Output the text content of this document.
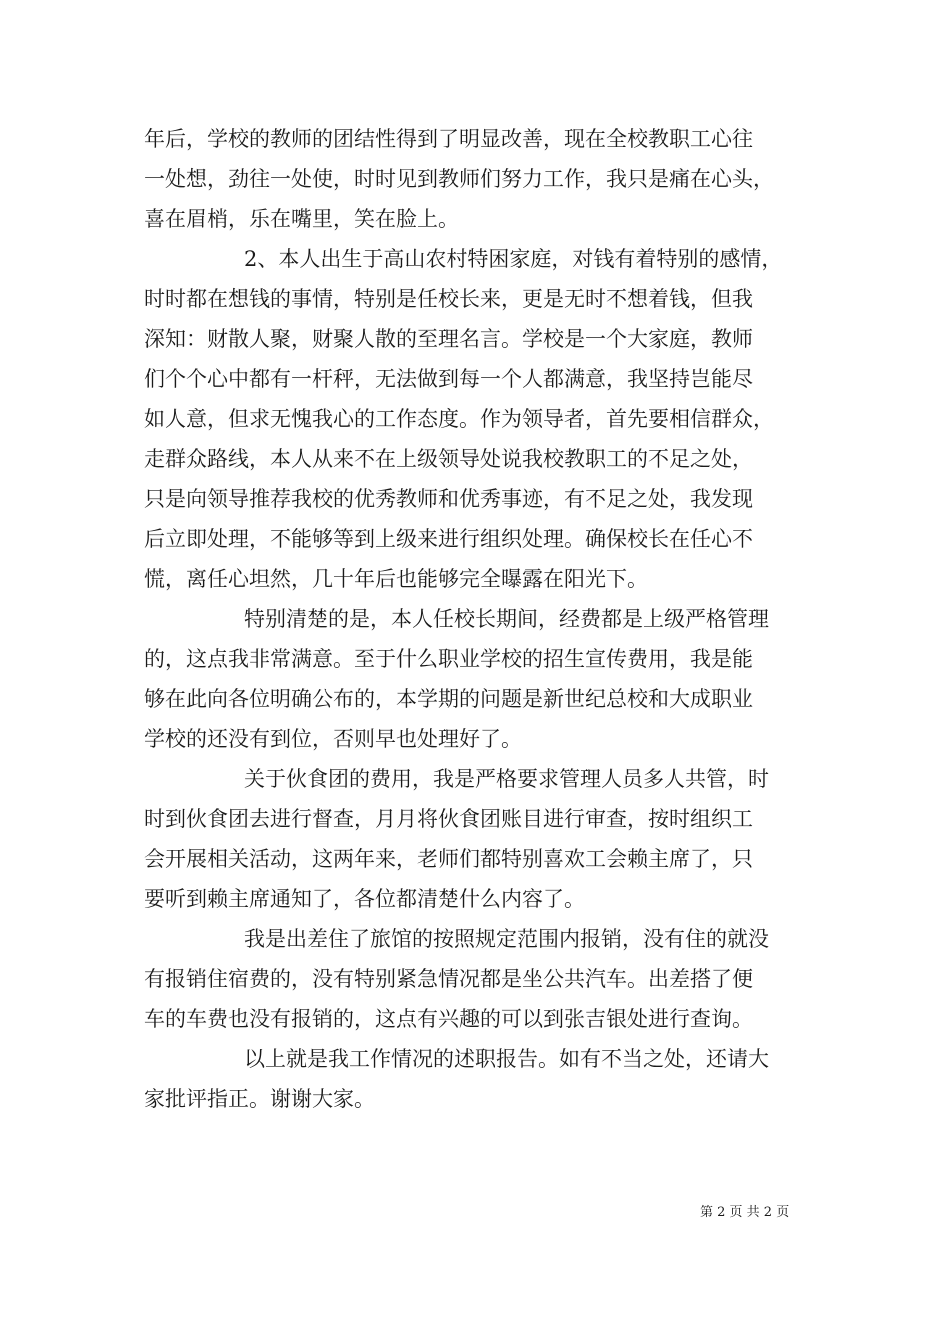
年后，学校的教师的团结性得到了明显改善，现在全校教职工心往
一处想，劲往一处使，时时见到教师们努力工作，我只是痛在心头，
喜在眉梢，乐在嘴里，笑在脸上。
2、本人出生于高山农村特困家庭，对钱有着特别的感情，
时时都在想钱的事情，特别是任校长来，更是无时不想着钱，但我
深知：财散人聚，财聚人散的至理名言。学校是一个大家庭，教师
们个个心中都有一杆秤，无法做到每一个人都满意，我坚持岂能尽
如人意，但求无愧我心的工作态度。作为领导者，首先要相信群众，
走群众路线，本人从来不在上级领导处说我校教职工的不足之处，
只是向领导推荐我校的优秀教师和优秀事迹，有不足之处，我发现
后立即处理，不能够等到上级来进行组织处理。确保校长在任心不
慌，离任心坦然，几十年后也能够完全曝露在阳光下。
特别清楚的是，本人任校长期间，经费都是上级严格管理
的，这点我非常满意。至于什么职业学校的招生宣传费用，我是能
够在此向各位明确公布的，本学期的问题是新世纪总校和大成职业
学校的还没有到位，否则早也处理好了。
关于伙食团的费用，我是严格要求管理人员多人共管，时
时到伙食团去进行督查，月月将伙食团账目进行审查，按时组织工
会开展相关活动，这两年来，老师们都特别喜欢工会赖主席了，只
要听到赖主席通知了，各位都清楚什么内容了。
我是出差住了旅馆的按照规定范围内报销，没有住的就没
有报销住宿费的，没有特别紧急情况都是坐公共汽车。出差搭了便
车的车费也没有报销的，这点有兴趣的可以到张吉银处进行查询。
以上就是我工作情况的述职报告。如有不当之处，还请大
家批评指正。谢谢大家。
第 2 页 共 2 页
